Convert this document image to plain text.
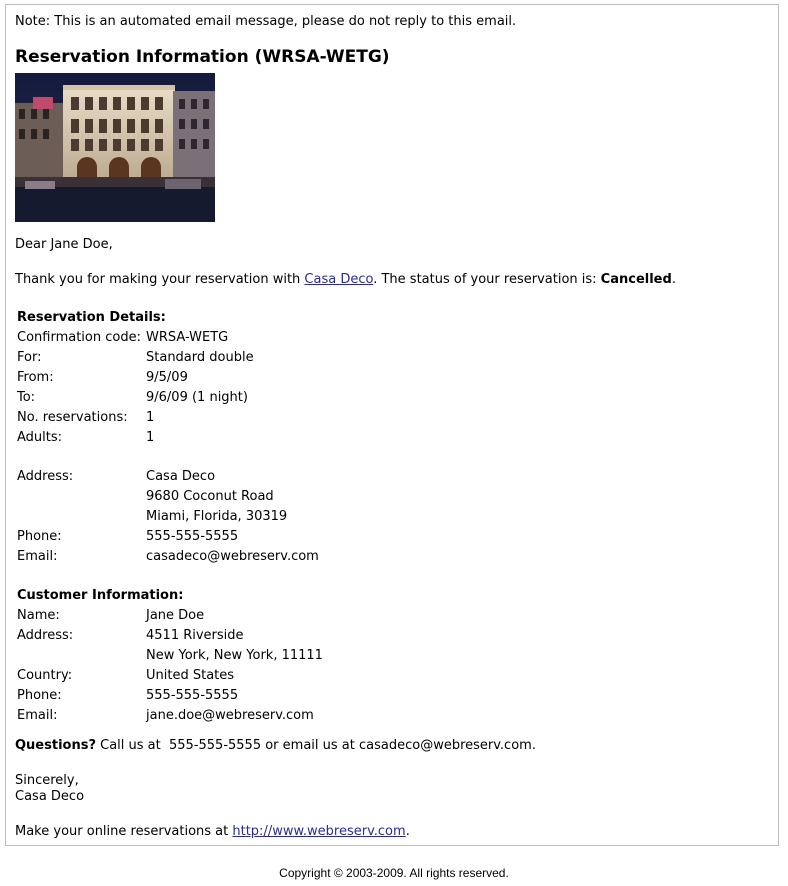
Note: This is an automated email message, please do not reply to this email.
Reservation Information (WRSA-WETG)
Dear Jane Doe,
Thank you for making your reservation with Casa Deco. The status of your reservation is: Cancelled.
Reservation Details:
Confirmation code: WRSA-WETG
For:	Standard double
From:	9/5/09
To:	9/6/09 (1 night)
No. reservations: 1
Adults:	1
Address:	Casa Deco
9680 Coconut Road
Miami, Florida, 30319
Phone:	555-555-5555
Email:	casadeco@webreserv.com
Customer Information:
Name:	Jane Doe
Address:	4511 Riverside
New York, New York, 11111
Country:	United States
Phone:	555-555-5555
Email:	jane.doe@webreserv.com
Questions? Call us at  555-555-5555 or email us at casadeco@webreserv.com.
Sincerely,
Casa Deco
Make your online reservations at http://www.webreserv.com.
Copyright © 2003-2009. All rights reserved.
